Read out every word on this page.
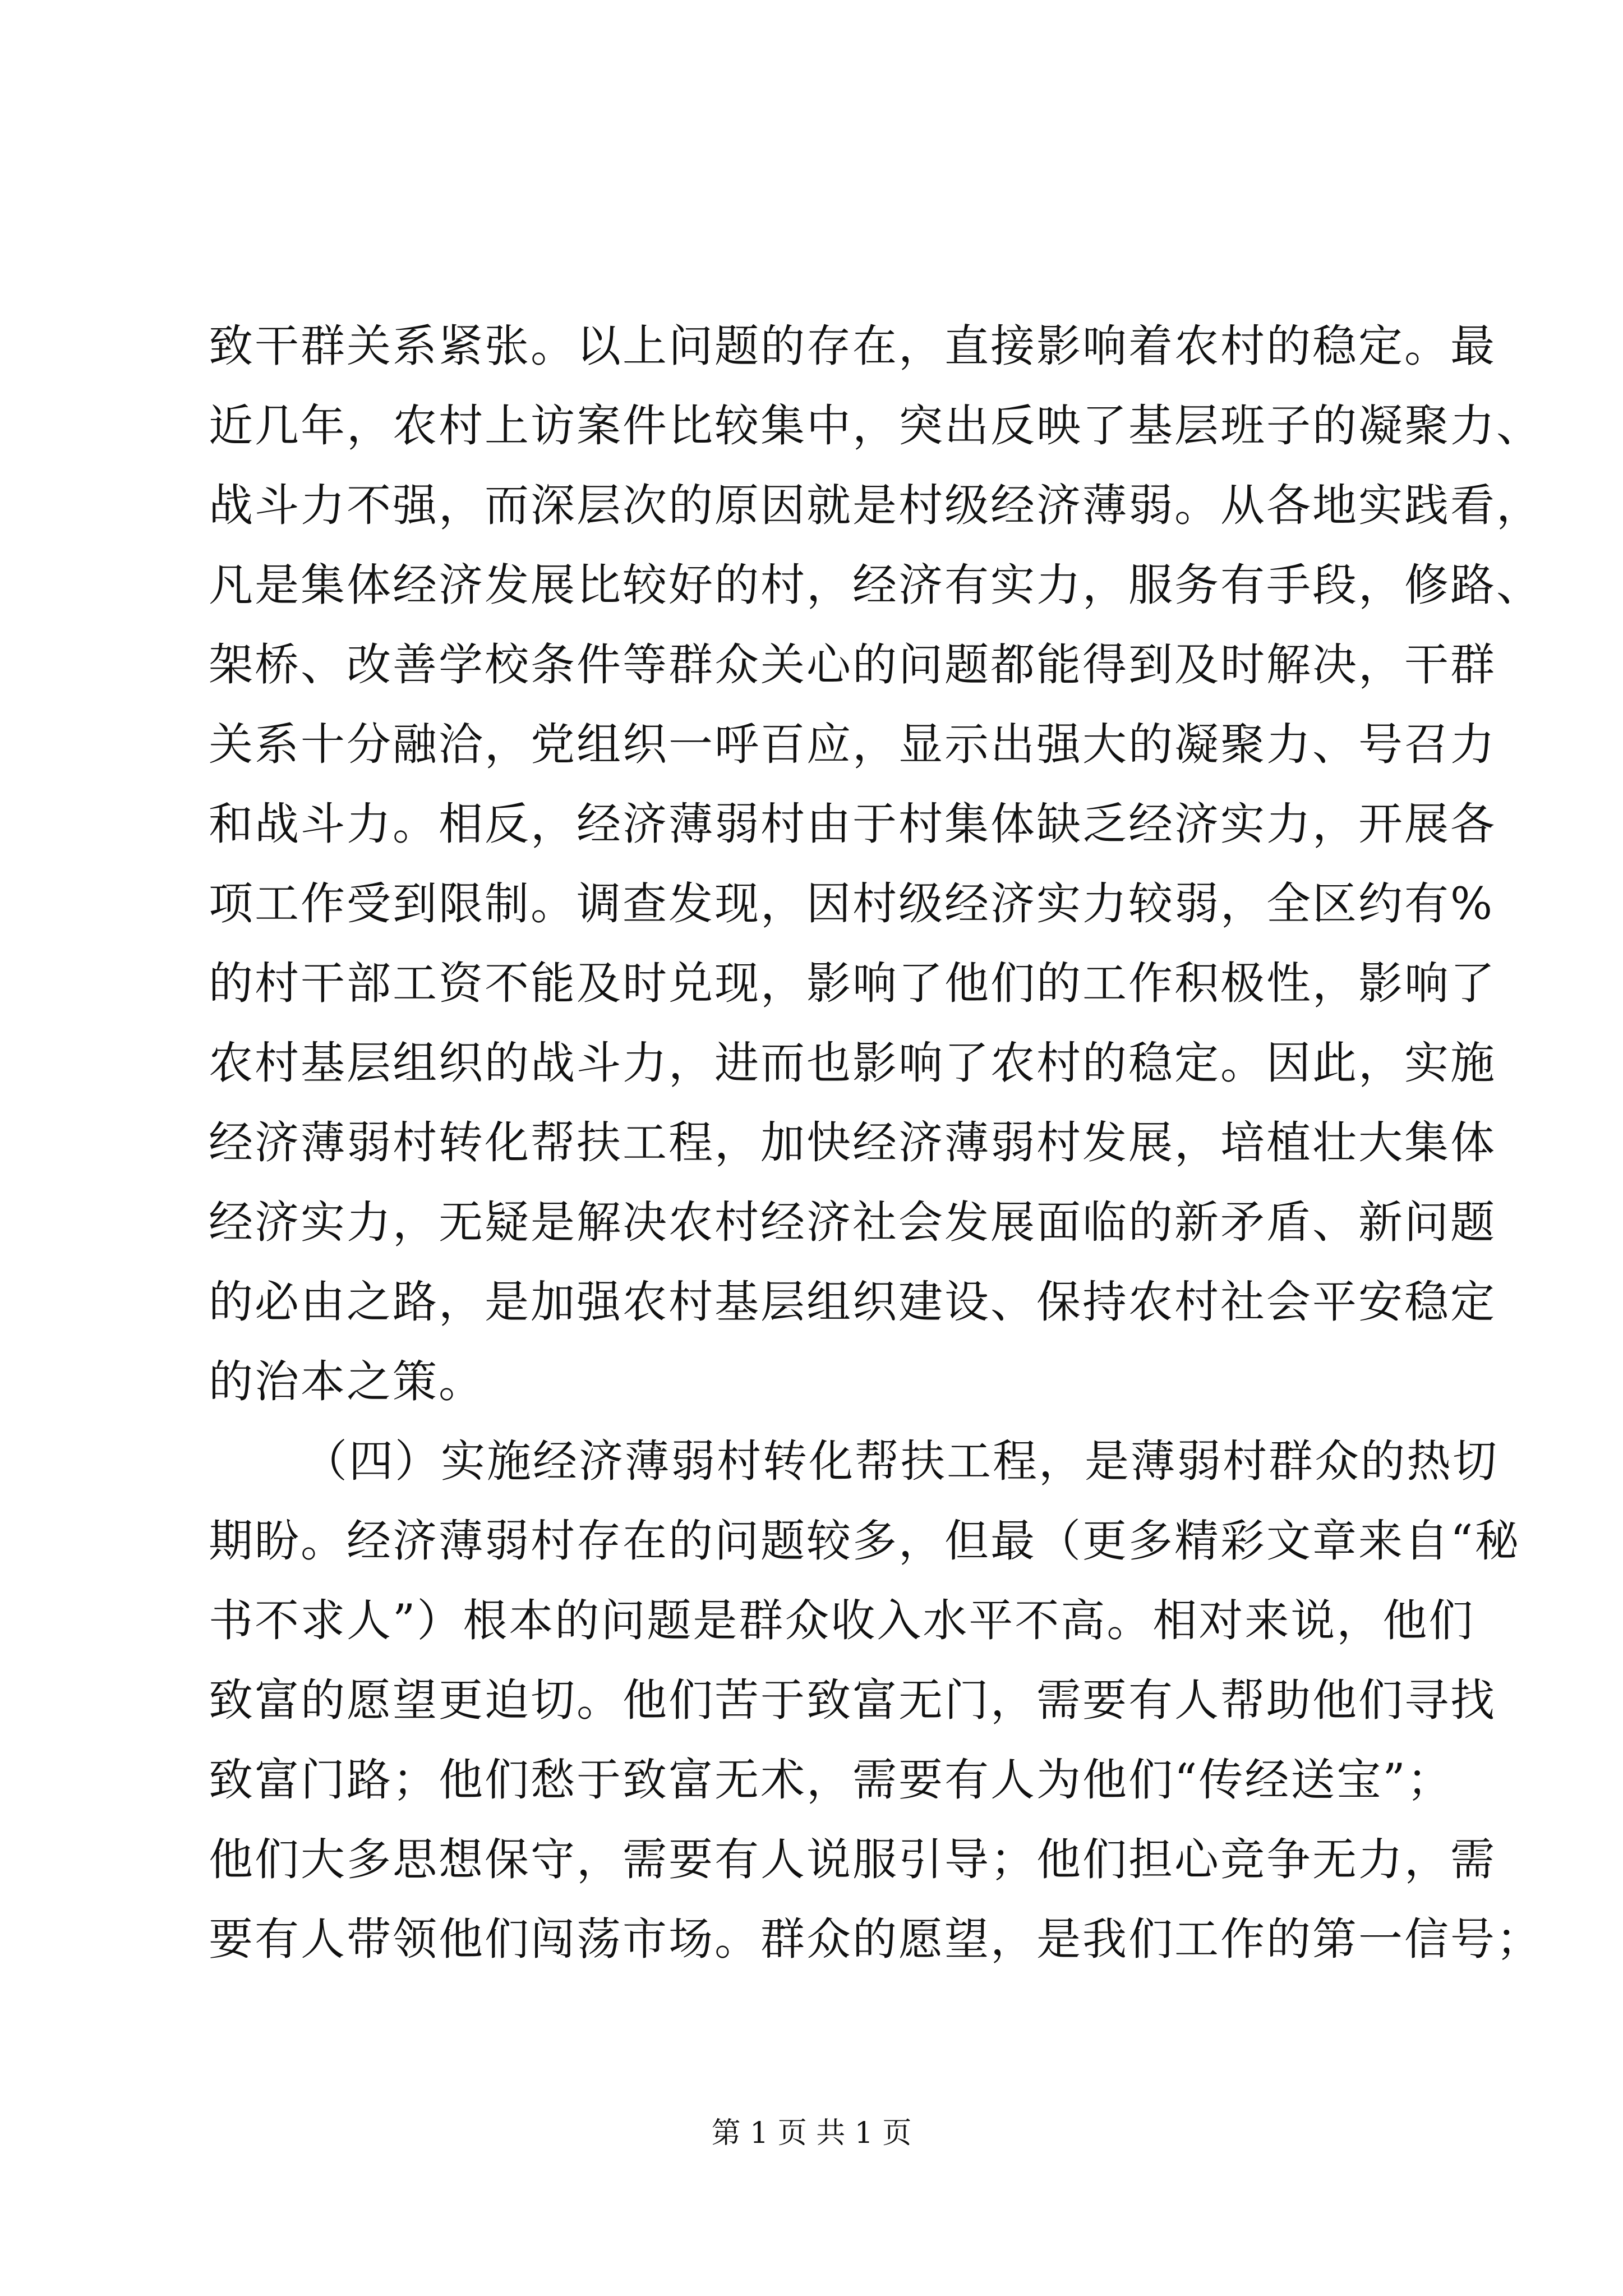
致干群关系紧张。以上问题的存在，直接影响着农村的稳定。最
近几年，农村上访案件比较集中，突出反映了基层班子的凝聚力、
战斗力不强，而深层次的原因就是村级经济薄弱。从各地实践看，
凡是集体经济发展比较好的村，经济有实力，服务有手段，修路、
架桥、改善学校条件等群众关心的问题都能得到及时解决，干群
关系十分融洽，党组织一呼百应，显示出强大的凝聚力、号召力
和战斗力。相反，经济薄弱村由于村集体缺乏经济实力，开展各
项工作受到限制。调查发现，因村级经济实力较弱，全区约有%
的村干部工资不能及时兑现，影响了他们的工作积极性，影响了
农村基层组织的战斗力，进而也影响了农村的稳定。因此，实施
经济薄弱村转化帮扶工程，加快经济薄弱村发展，培植壮大集体
经济实力，无疑是解决农村经济社会发展面临的新矛盾、新问题
的必由之路，是加强农村基层组织建设、保持农村社会平安稳定
的治本之策。
（四）实施经济薄弱村转化帮扶工程，是薄弱村群众的热切
期盼。经济薄弱村存在的问题较多，但最（更多精彩文章来自“秘
书不求人”）根本的问题是群众收入水平不高。相对来说，他们
致富的愿望更迫切。他们苦于致富无门，需要有人帮助他们寻找
致富门路；他们愁于致富无术，需要有人为他们“传经送宝”；
他们大多思想保守，需要有人说服引导；他们担心竞争无力，需
要有人带领他们闯荡市场。群众的愿望，是我们工作的第一信号；
第 1 页 共 1 页
